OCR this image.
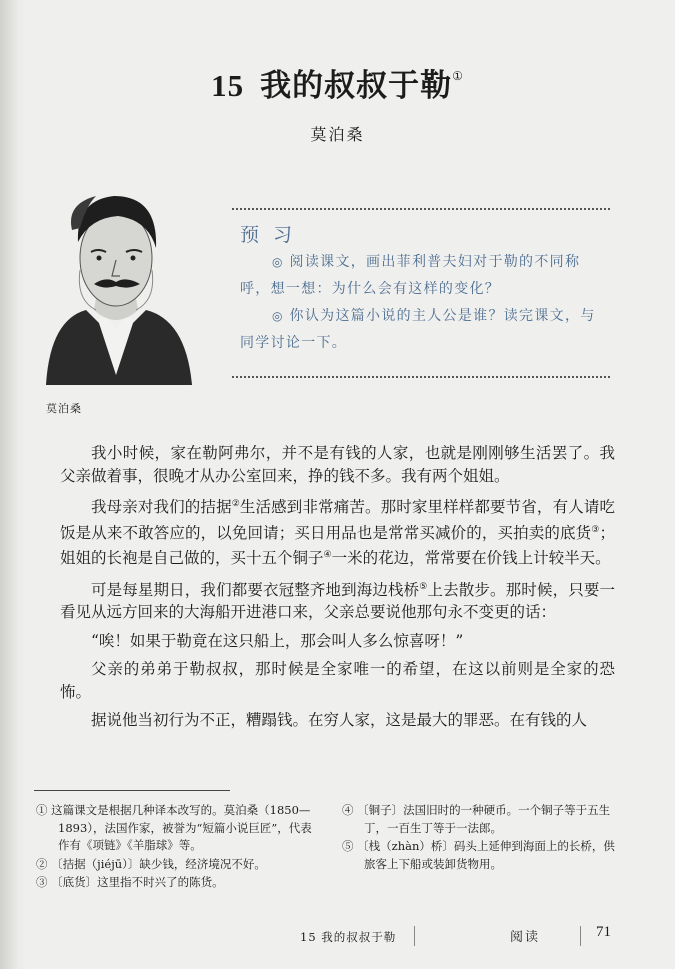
15 我的叔叔于勒①
莫泊桑
莫泊桑
预 习
◎ 阅读课文，画出菲利普夫妇对于勒的不同称呼，想一想：为什么会有这样的变化？
◎ 你认为这篇小说的主人公是谁？读完课文，与同学讨论一下。

我小时候，家在勒阿弗尔，并不是有钱的人家，也就是刚刚够生活罢了。我父亲做着事，很晚才从办公室回来，挣的钱不多。我有两个姐姐。

我母亲对我们的拮据②生活感到非常痛苦。那时家里样样都要节省，有人请吃饭是从来不敢答应的，以免回请；买日用品也是常常买减价的，买拍卖的底货③；姐姐的长袍是自己做的，买十五个铜子④一米的花边，常常要在价钱上计较半天。

可是每星期日，我们都要衣冠整齐地到海边栈桥⑤上去散步。那时候，只要一看见从远方回来的大海船开进港口来，父亲总要说他那句永不变更的话：

“唉！如果于勒竟在这只船上，那会叫人多么惊喜呀！”

父亲的弟弟于勒叔叔，那时候是全家唯一的希望，在这以前则是全家的恐怖。

据说他当初行为不正，糟蹋钱。在穷人家，这是最大的罪恶。在有钱的人

① 这篇课文是根据几种译本改写的。莫泊桑（1850—1893），法国作家，被誉为“短篇小说巨匠”，代表作有《项链》《羊脂球》等。
② 〔拮据（jiéjū）〕缺少钱，经济境况不好。
③ 〔底货〕这里指不时兴了的陈货。
④ 〔铜子〕法国旧时的一种硬币。一个铜子等于五生丁，一百生丁等于一法郎。
⑤ 〔栈（zhàn）桥〕码头上延伸到海面上的长桥，供旅客上下船或装卸货物用。
15 我的叔叔于勒	阅读	71
